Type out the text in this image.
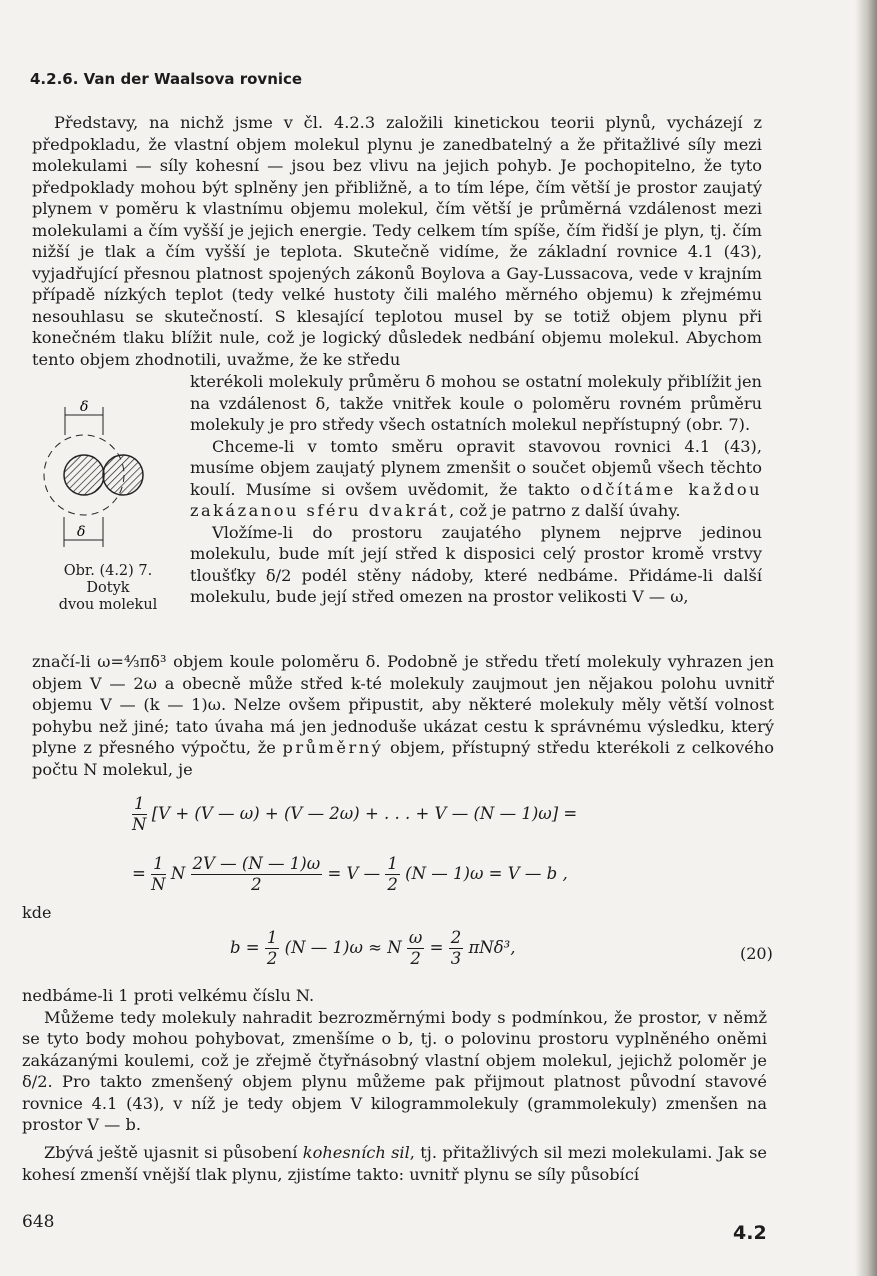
4.2.6. Van der Waalsova rovnice

Představy, na nichž jsme v čl. 4.2.3 založili kinetickou teorii plynů, vycházejí z předpokladu, že vlastní objem molekul plynu je zanedbatelný a že přitažlivé síly mezi molekulami — síly kohesní — jsou bez vlivu na jejich pohyb. Je pochopitelno, že tyto předpoklady mohou být splněny jen přibližně, a to tím lépe, čím větší je prostor zaujatý plynem v poměru k vlastnímu objemu molekul, čím větší je průměrná vzdálenost mezi molekulami a čím vyšší je jejich energie. Tedy celkem tím spíše, čím řidší je plyn, tj. čím nižší je tlak a čím vyšší je teplota. Skutečně vidíme, že základní rovnice 4.1 (43), vyjadřující přesnou platnost spojených zákonů Boylova a Gay-Lussacova, vede v krajním případě nízkých teplot (tedy velké hustoty čili malého měrného objemu) k zřejmému nesouhlasu se skutečností. S klesající teplotou musel by se totiž objem plynu při konečném tlaku blížit nule, což je logický důsledek nedbání objemu molekul. Abychom tento objem zhodnotili, uvažme, že ke středu

δ
δ
Obr. (4.2) 7.
Dotyk
dvou molekul
kterékoli molekuly průměru δ mohou se ostatní molekuly přiblížit jen na vzdálenost δ, takže vnitřek koule o poloměru rovném průměru molekuly je pro středy všech ostatních molekul nepřístupný (obr. 7).
Chceme-li v tomto směru opravit stavovou rovnici 4.1 (43), musíme objem zaujatý plynem zmenšit o součet objemů všech těchto koulí. Musíme si ovšem uvědomit, že takto odčítáme každou zakázanou sféru dvakrát, což je patrno z další úvahy.
Vložíme-li do prostoru zaujatého plynem nejprve jedinou molekulu, bude mít její střed k disposici celý prostor kromě vrstvy tloušťky δ/2 podél stěny nádoby, které nedbáme. Přidáme-li další molekulu, bude její střed omezen na prostor velikosti V — ω,

značí-li ω=⁴⁄₃πδ³ objem koule poloměru δ. Podobně je středu třetí molekuly vyhrazen jen objem V — 2ω a obecně může střed k-té molekuly zaujmout jen nějakou polohu uvnitř objemu V — (k — 1)ω. Nelze ovšem připustit, aby některé molekuly měly větší volnost pohybu než jiné; tato úvaha má jen jednoduše ukázat cestu k správnému výsledku, který plyne z přesného výpočtu, že průměrný objem, přístupný středu kterékoli z celkového počtu N molekul, je

$\frac{1}{N} [V + (V$ — ω) + (V — 2ω) + . . . + V — (N — 1)ω] =
= $\frac{1}{N}$ N $\frac{2V — (N — 1)\omega}{2} = V$ — $\frac{1}{2} (N$ — 1)ω = V — b ,
kde
$b = \frac{1}{2} (N$ — 1)ω ≈ N $\frac{\omega}{2} = \frac{2}{3} \pi N\delta^3$,	(20)
nedbáme-li 1 proti velkému číslu N.
Můžeme tedy molekuly nahradit bezrozměrnými body s podmínkou, že prostor, v němž se tyto body mohou pohybovat, zmenšíme o b, tj. o polovinu prostoru vyplněného oněmi zakázanými koulemi, což je zřejmě čtyřnásobný vlastní objem molekul, jejichž poloměr je δ/2. Pro takto zmenšený objem plynu můžeme pak přijmout platnost původní stavové rovnice 4.1 (43), v níž je tedy objem V kilogrammolekuly (grammolekuly) zmenšen na prostor V — b.

Zbývá ještě ujasnit si působení kohesních sil, tj. přitažlivých sil mezi molekulami. Jak se kohesí zmenší vnější tlak plynu, zjistíme takto: uvnitř plynu se síly působící

648	4.2
